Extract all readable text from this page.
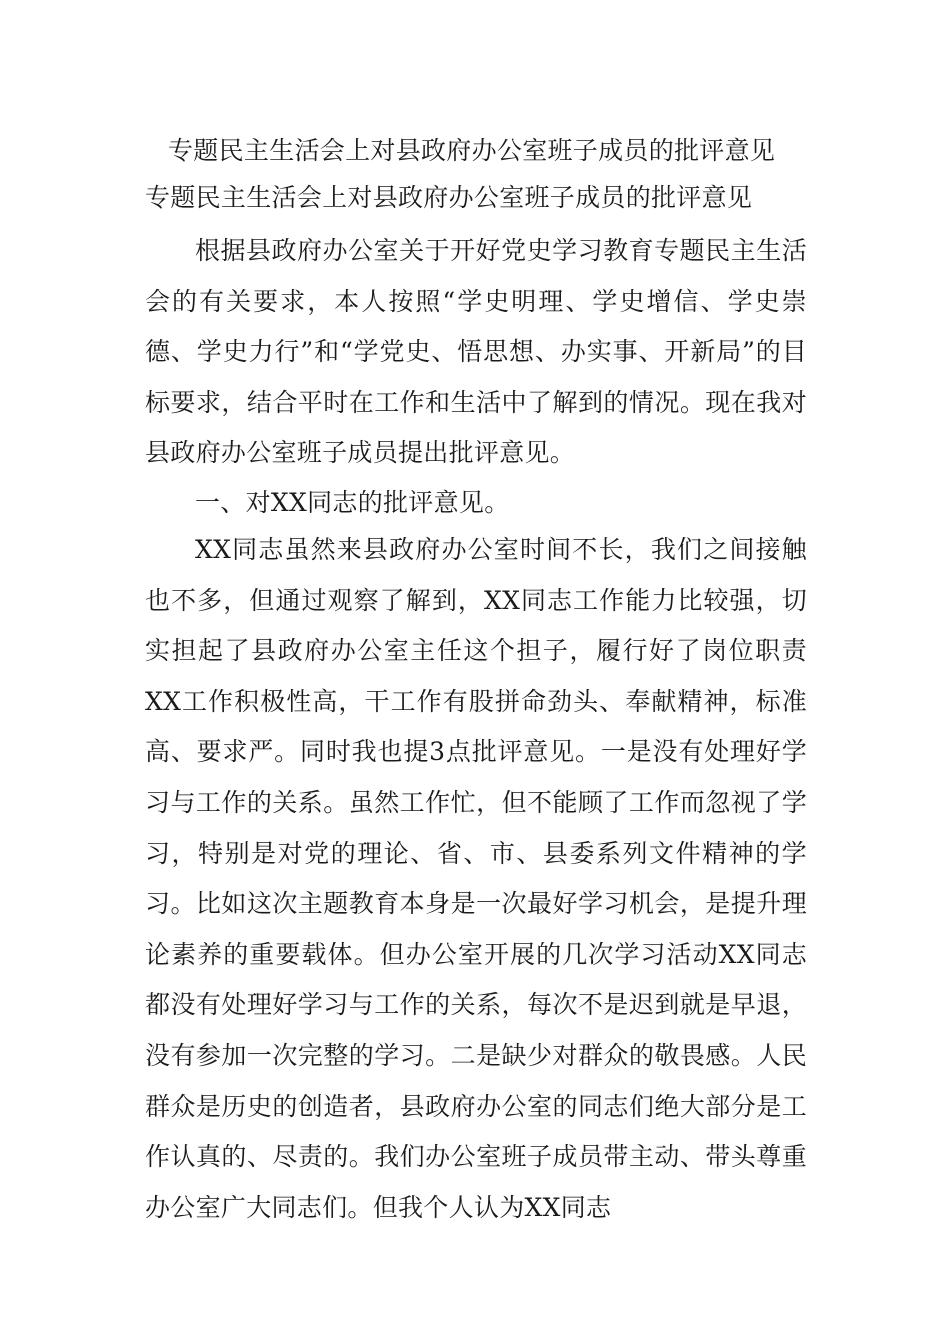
专题民主生活会上对县政府办公室班子成员的批评意见
专题民主生活会上对县政府办公室班子成员的批评意见

根据县政府办公室关于开好党史学习教育专题民主生活会的有关要求，本人按照“学史明理、学史增信、学史崇德、学史力行”和“学党史、悟思想、办实事、开新局”的目标要求，结合平时在工作和生活中了解到的情况。现在我对县政府办公室班子成员提出批评意见。

一、对XX同志的批评意见。

XX同志虽然来县政府办公室时间不长，我们之间接触也不多，但通过观察了解到，XX同志工作能力比较强，切实担起了县政府办公室主任这个担子，履行好了岗位职责XX工作积极性高，干工作有股拼命劲头、奉献精神，标准高、要求严。同时我也提3点批评意见。一是没有处理好学习与工作的关系。虽然工作忙，但不能顾了工作而忽视了学习，特别是对党的理论、省、市、县委系列文件精神的学习。比如这次主题教育本身是一次最好学习机会，是提升理论素养的重要载体。但办公室开展的几次学习活动XX同志都没有处理好学习与工作的关系，每次不是迟到就是早退，没有参加一次完整的学习。二是缺少对群众的敬畏感。人民群众是历史的创造者，县政府办公室的同志们绝大部分是工作认真的、尽责的。我们办公室班子成员带主动、带头尊重办公室广大同志们。但我个人认为XX同志
